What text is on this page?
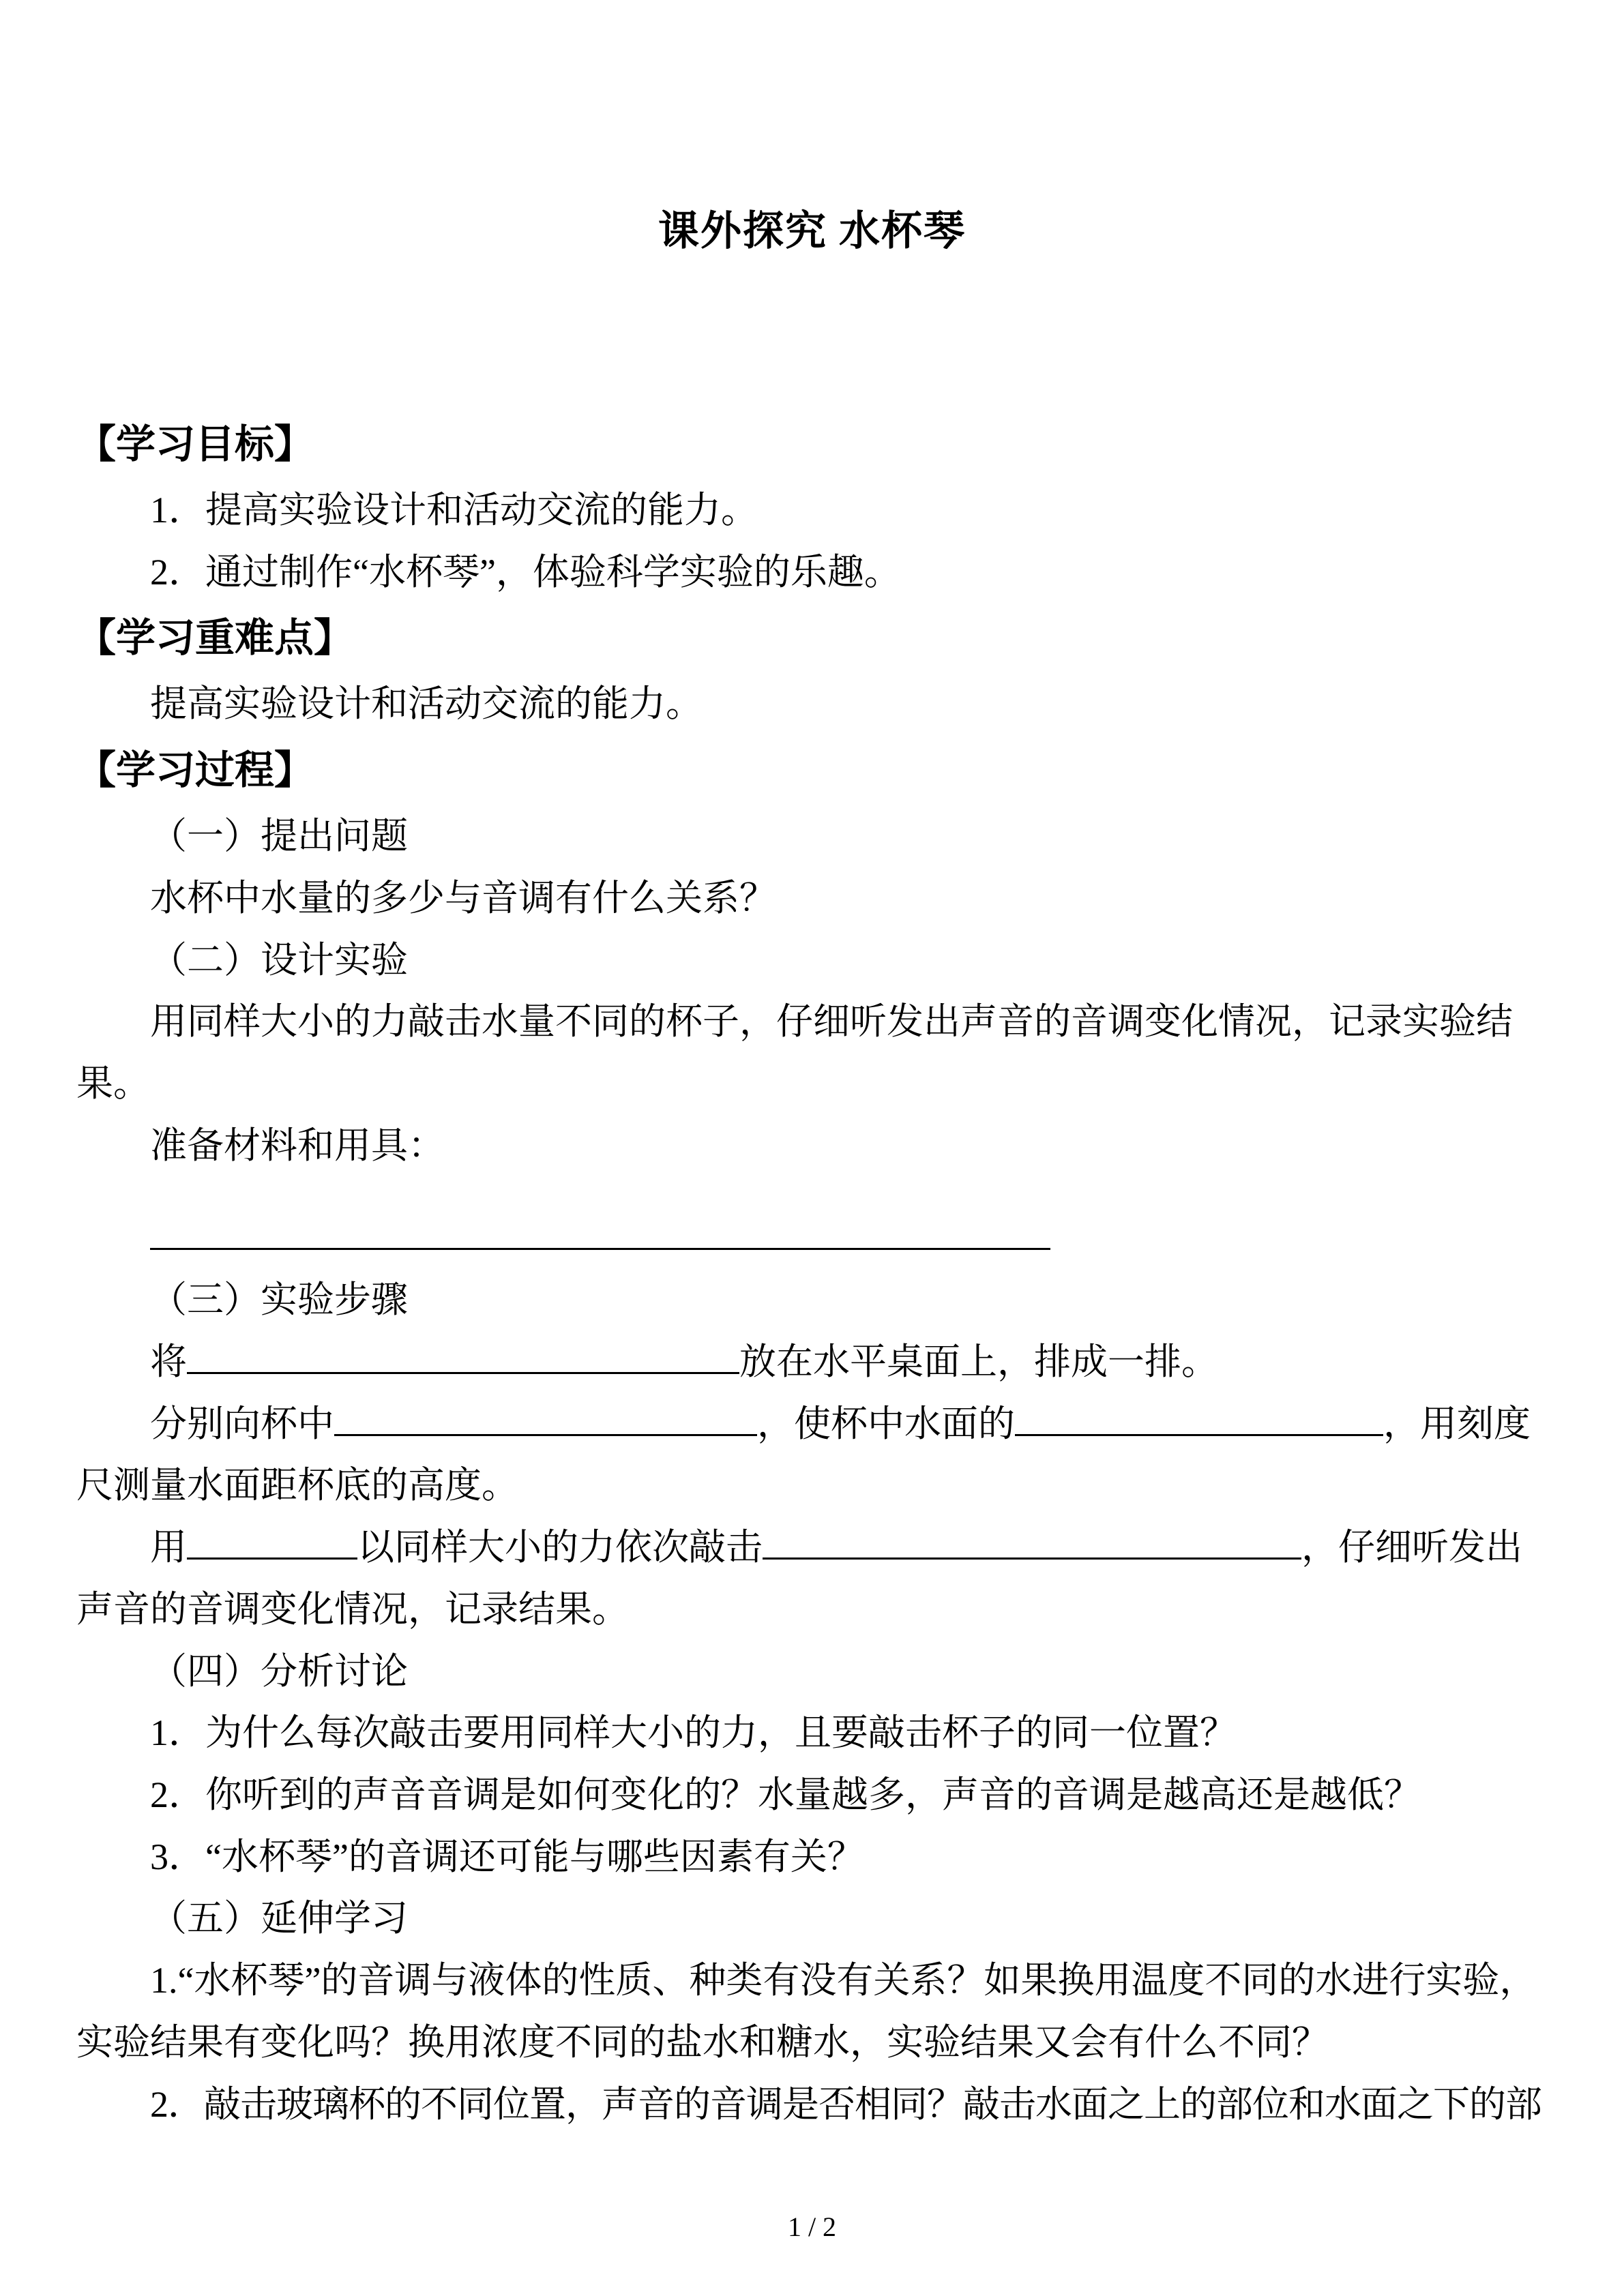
课外探究 水杯琴
【学习目标】

1．提高实验设计和活动交流的能力。

2．通过制作“水杯琴”，体验科学实验的乐趣。

【学习重难点】

提高实验设计和活动交流的能力。

【学习过程】

（一）提出问题

水杯中水量的多少与音调有什么关系？

（二）设计实验

用同样大小的力敲击水量不同的杯子，仔细听发出声音的音调变化情况，记录实验结果。

准备材料和用具：

（三）实验步骤

将	放在水平桌面上，排成一排。

分别向杯中	，使杯中水面的	，用刻度尺测量水面距杯底的高度。

用	以同样大小的力依次敲击	，仔细听发出声音的音调变化情况，记录结果。

（四）分析讨论

1．为什么每次敲击要用同样大小的力，且要敲击杯子的同一位置？

2．你听到的声音音调是如何变化的？水量越多，声音的音调是越高还是越低？

3．“水杯琴”的音调还可能与哪些因素有关？

（五）延伸学习

1.“水杯琴”的音调与液体的性质、种类有没有关系？如果换用温度不同的水进行实验，实验结果有变化吗？换用浓度不同的盐水和糖水，实验结果又会有什么不同？

2．敲击玻璃杯的不同位置，声音的音调是否相同？敲击水面之上的部位和水面之下的部

1 / 2
